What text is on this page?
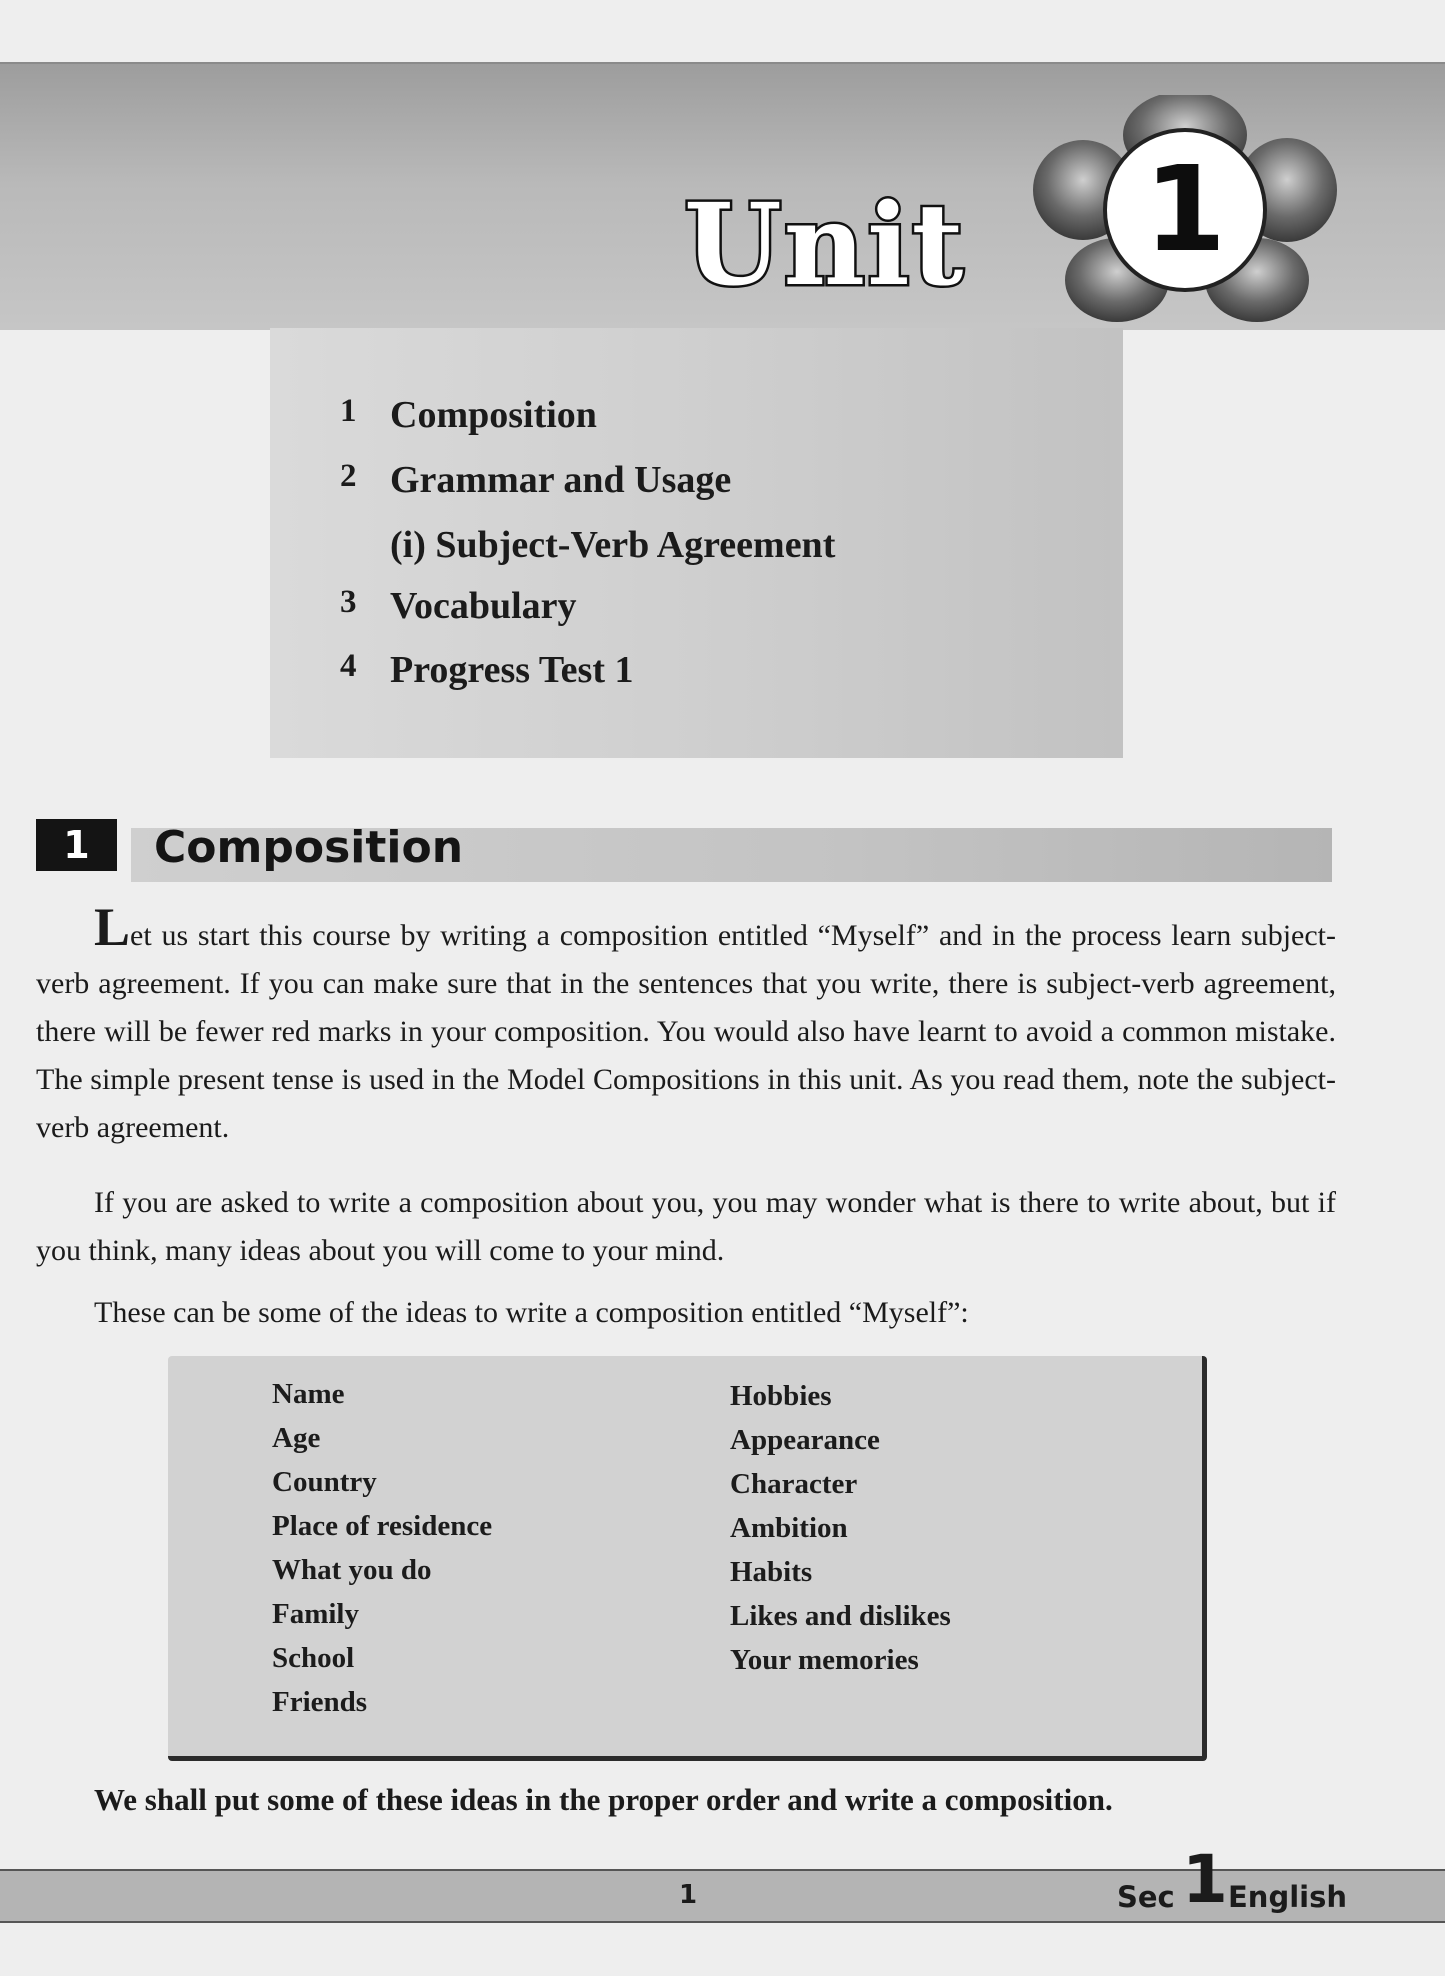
Unit 1
1 Composition
2 Grammar and Usage
(i) Subject-Verb Agreement
3 Vocabulary
4 Progress Test 1
1	Composition

Let us start this course by writing a composition entitled “Myself” and in the process learn subject-verb agreement. If you can make sure that in the sentences that you write, there is subject-verb agreement, there will be fewer red marks in your composition. You would also have learnt to avoid a common mistake. The simple present tense is used in the Model Compositions in this unit. As you read them, note the subject-verb agreement.

If you are asked to write a composition about you, you may wonder what is there to write about, but if you think, many ideas about you will come to your mind.

These can be some of the ideas to write a composition entitled “Myself”:

Name
Age
Country
Place of residence
What you do
Family
School
Friends
Hobbies
Appearance
Character
Ambition
Habits
Likes and dislikes
Your memories
We shall put some of these ideas in the proper order and write a composition.
1	Sec 1 English
